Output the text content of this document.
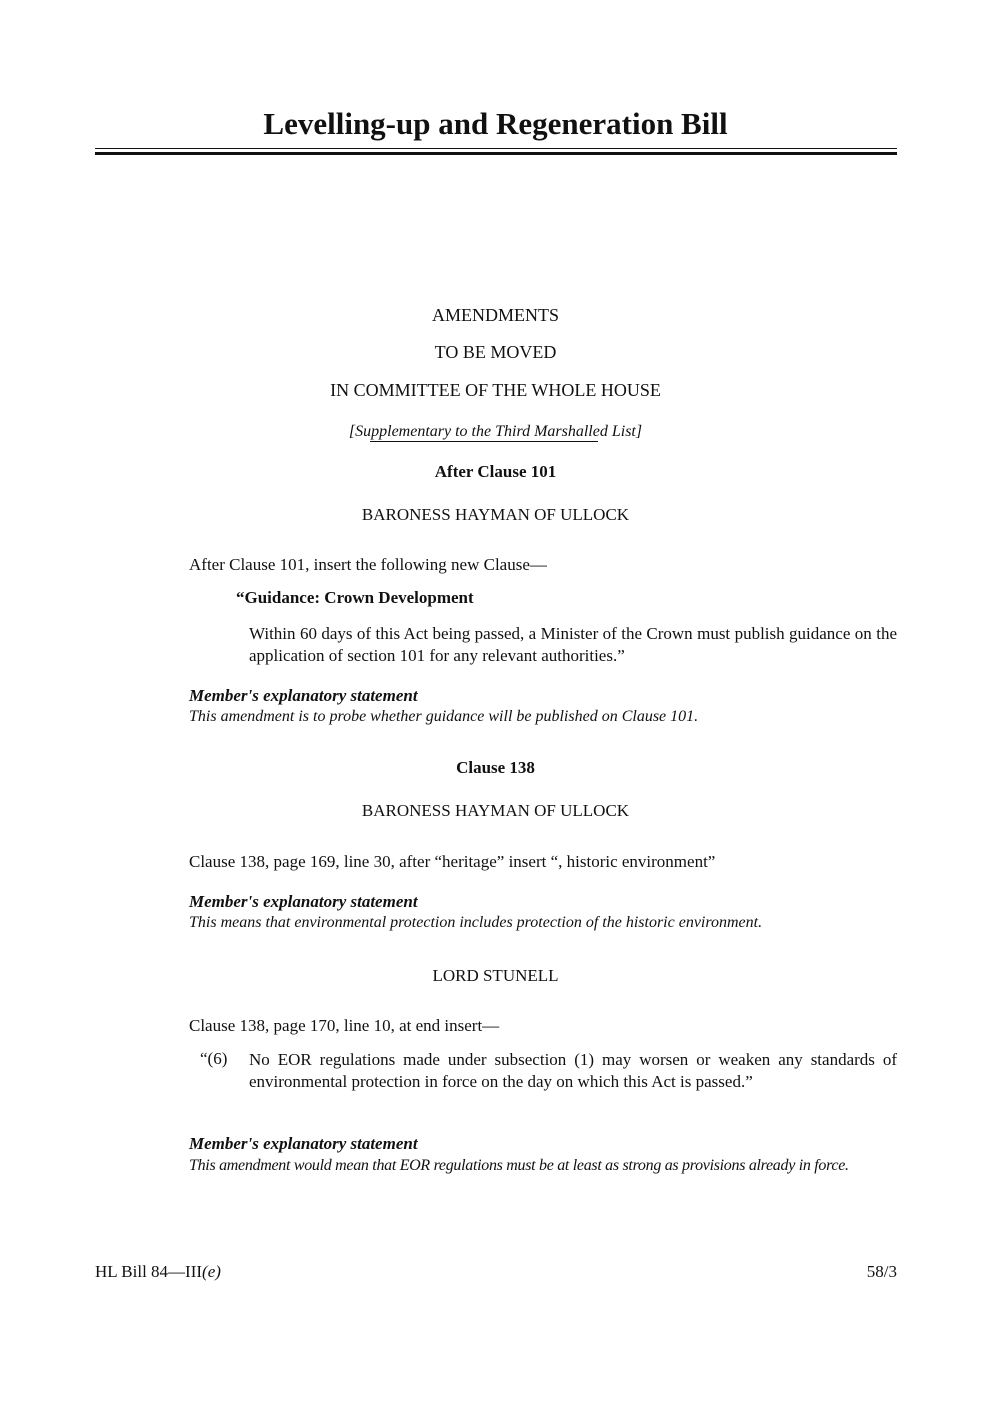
Levelling-up and Regeneration Bill
AMENDMENTS
TO BE MOVED
IN COMMITTEE OF THE WHOLE HOUSE
[Supplementary to the Third Marshalled List]
After Clause 101
BARONESS HAYMAN OF ULLOCK
After Clause 101, insert the following new Clause—
“Guidance: Crown Development
Within 60 days of this Act being passed, a Minister of the Crown must publish guidance on the application of section 101 for any relevant authorities.”
Member's explanatory statement
This amendment is to probe whether guidance will be published on Clause 101.
Clause 138
BARONESS HAYMAN OF ULLOCK
Clause 138, page 169, line 30, after “heritage” insert “, historic environment”
Member's explanatory statement
This means that environmental protection includes protection of the historic environment.
LORD STUNELL
Clause 138, page 170, line 10, at end insert—
“(6) No EOR regulations made under subsection (1) may worsen or weaken any standards of environmental protection in force on the day on which this Act is passed.”
Member's explanatory statement
This amendment would mean that EOR regulations must be at least as strong as provisions already in force.
HL Bill 84—III(e)	58/3
